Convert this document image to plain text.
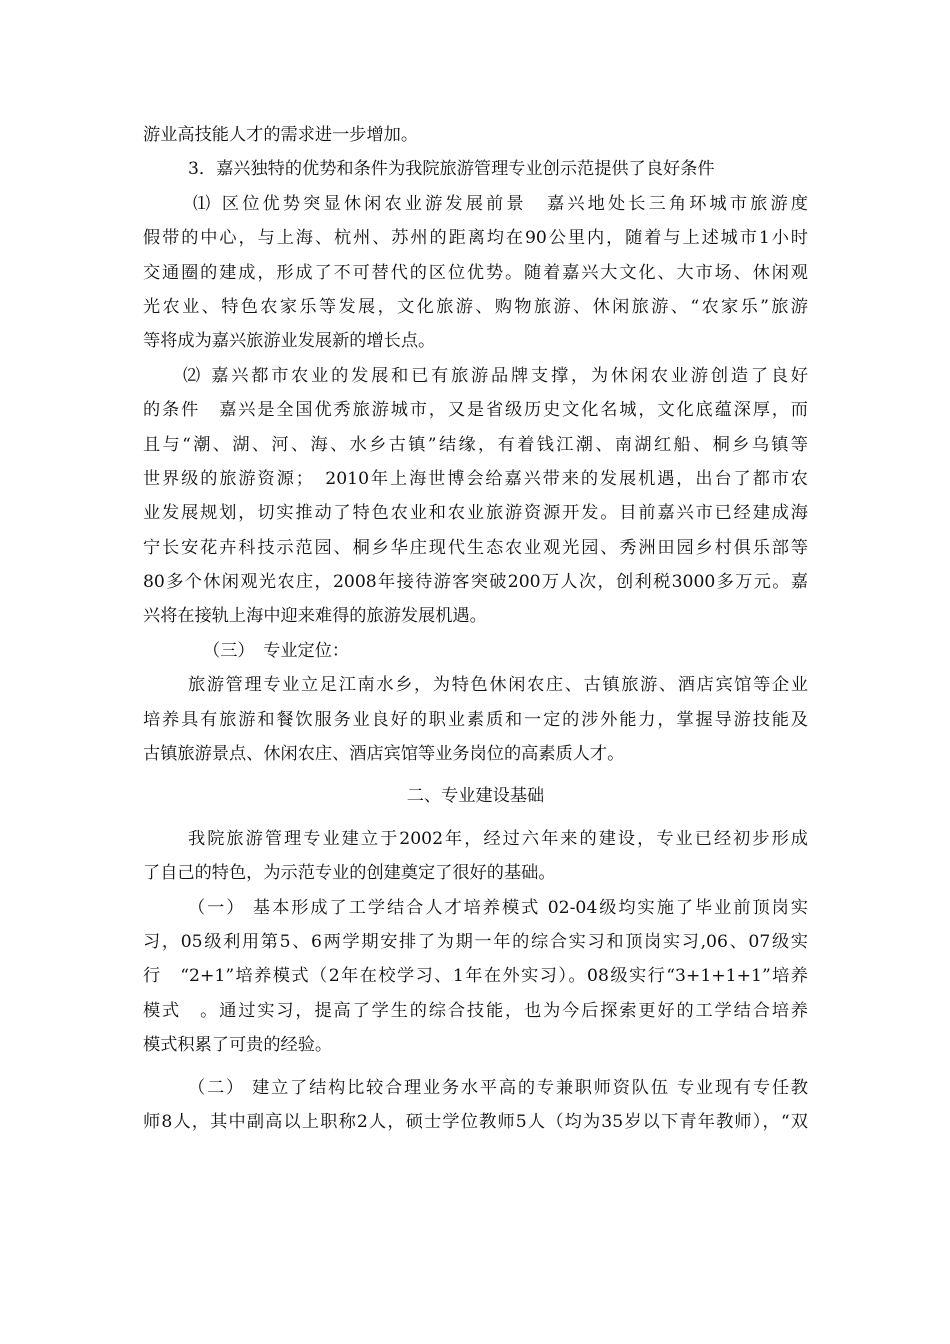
游业高技能人才的需求进一步增加。
3．嘉兴独特的优势和条件为我院旅游管理专业创示范提供了良好条件
⑴ 区位优势突显休闲农业游发展前景　嘉兴地处长三角环城市旅游度
假带的中心，与上海、杭州、苏州的距离均在90公里内，随着与上述城市1小时
交通圈的建成，形成了不可替代的区位优势。随着嘉兴大文化、大市场、休闲观
光农业、特色农家乐等发展，文化旅游、购物旅游、休闲旅游、“农家乐”旅游
等将成为嘉兴旅游业发展新的增长点。
⑵ 嘉兴都市农业的发展和已有旅游品牌支撑，为休闲农业游创造了良好
的条件　嘉兴是全国优秀旅游城市，又是省级历史文化名城，文化底蕴深厚，而
且与“潮、湖、河、海、水乡古镇”结缘，有着钱江潮、南湖红船、桐乡乌镇等
世界级的旅游资源；　2010年上海世博会给嘉兴带来的发展机遇，出台了都市农
业发展规划，切实推动了特色农业和农业旅游资源开发。目前嘉兴市已经建成海
宁长安花卉科技示范园、桐乡华庄现代生态农业观光园、秀洲田园乡村俱乐部等
80多个休闲观光农庄，2008年接待游客突破200万人次，创利税3000多万元。嘉
兴将在接轨上海中迎来难得的旅游发展机遇。
（三）　专业定位：
旅游管理专业立足江南水乡，为特色休闲农庄、古镇旅游、酒店宾馆等企业
培养具有旅游和餐饮服务业良好的职业素质和一定的涉外能力，掌握导游技能及
古镇旅游景点、休闲农庄、酒店宾馆等业务岗位的高素质人才。
二、专业建设基础
我院旅游管理专业建立于2002年，经过六年来的建设，专业已经初步形成
了自己的特色，为示范专业的创建奠定了很好的基础。
（一） 基本形成了工学结合人才培养模式 02-04级均实施了毕业前顶岗实
习，05级利用第5、6两学期安排了为期一年的综合实习和顶岗实习,06、07级实
行　“2+1”培养模式（2年在校学习、1年在外实习）。08级实行“3+1+1+1”培养
模式　。通过实习，提高了学生的综合技能，也为今后探索更好的工学结合培养
模式积累了可贵的经验。
（二） 建立了结构比较合理业务水平高的专兼职师资队伍 专业现有专任教
师8人，其中副高以上职称2人，硕士学位教师5人（均为35岁以下青年教师），“双
